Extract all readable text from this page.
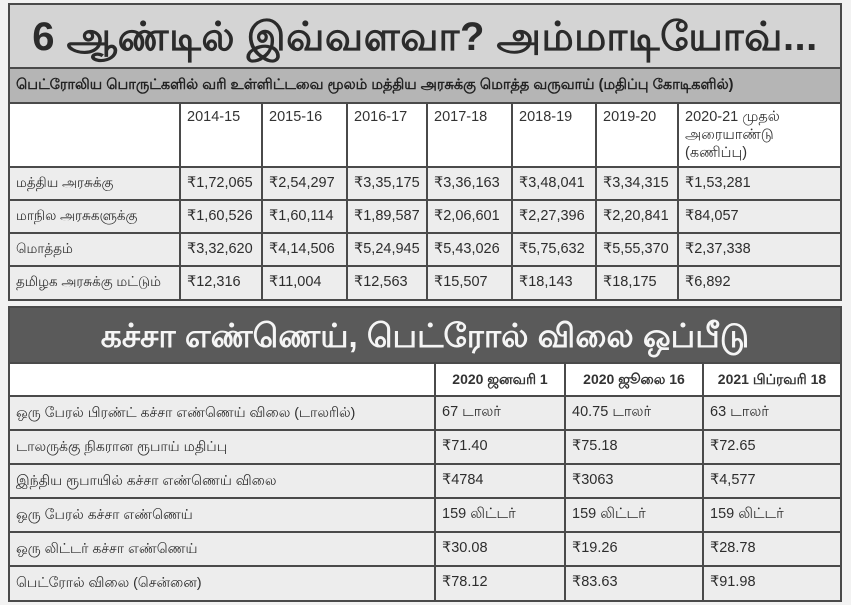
6 ஆண்டில் இவ்வளவா? அம்மாடியோவ்...
பெட்ரோலிய பொருட்களில் வரி உள்ளிட்டவை மூலம் மத்திய அரசுக்கு மொத்த வருவாய் (மதிப்பு கோடிகளில்)
	2014-15	2015-16	2016-17	2017-18	2018-19	2019-20	2020-21 முதல் அரையாண்டு (கணிப்பு)
மத்திய அரசுக்கு	₹1,72,065	₹2,54,297	₹3,35,175	₹3,36,163	₹3,48,041	₹3,34,315	₹1,53,281
மாநில அரசுகளுக்கு	₹1,60,526	₹1,60,114	₹1,89,587	₹2,06,601	₹2,27,396	₹2,20,841	₹84,057
மொத்தம்	₹3,32,620	₹4,14,506	₹5,24,945	₹5,43,026	₹5,75,632	₹5,55,370	₹2,37,338
தமிழக அரசுக்கு மட்டும்	₹12,316	₹11,004	₹12,563	₹15,507	₹18,143	₹18,175	₹6,892
கச்சா எண்ணெய், பெட்ரோல் விலை ஒப்பீடு
	2020 ஜனவரி 1	2020 ஜூலை 16	2021 பிப்ரவரி 18
ஒரு பேரல் பிரண்ட் கச்சா எண்ணெய் விலை (டாலரில்)	67 டாலர்	40.75 டாலர்	63 டாலர்
டாலருக்கு நிகரான ரூபாய் மதிப்பு	₹71.40	₹75.18	₹72.65
இந்திய ரூபாயில் கச்சா எண்ணெய் விலை	₹4784	₹3063	₹4,577
ஒரு பேரல் கச்சா எண்ணெய்	159 லிட்டர்	159 லிட்டர்	159 லிட்டர்
ஒரு லிட்டர் கச்சா எண்ணெய்	₹30.08	₹19.26	₹28.78
பெட்ரோல் விலை (சென்னை)	₹78.12	₹83.63	₹91.98
